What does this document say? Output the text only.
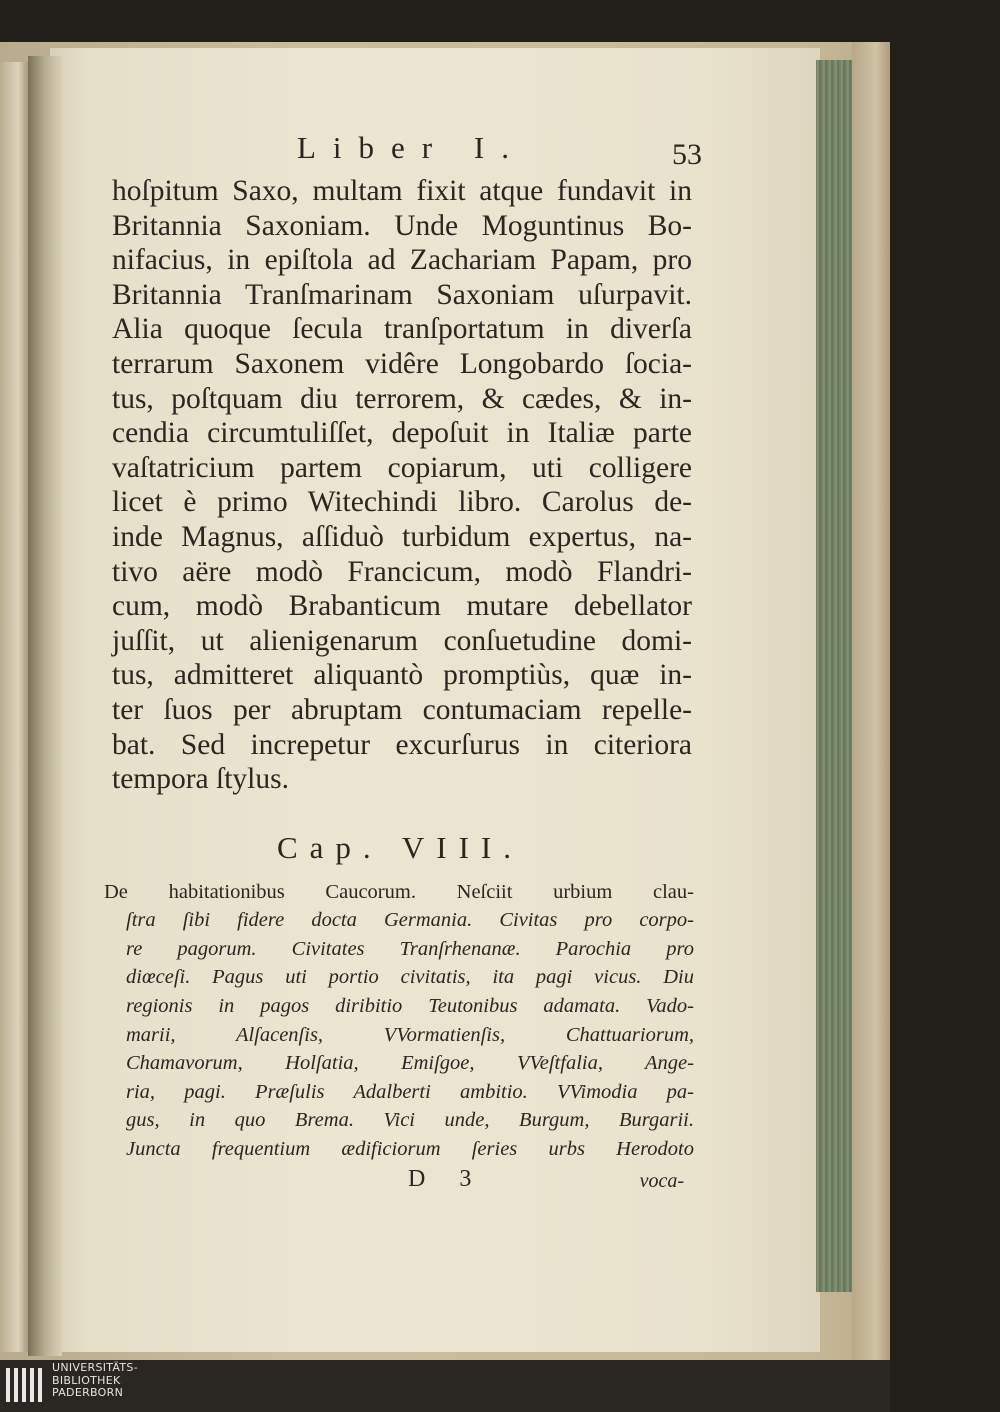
Liber I.	53
hoſpitum Saxo, multam fixit atque fundavit in
Britannia Saxoniam. Unde Moguntinus Bo-
nifacius, in epiſtola ad Zachariam Papam, pro
Britannia Tranſmarinam Saxoniam uſurpavit.
Alia quoque ſecula tranſportatum in diverſa
terrarum Saxonem vidêre Longobardo ſocia-
tus, poſtquam diu terrorem, & cædes, & in-
cendia circumtuliſſet, depoſuit in Italiæ parte
vaſtatricium partem copiarum, uti colligere
licet è primo Witechindi libro. Carolus de-
inde Magnus, aſſiduò turbidum expertus, na-
tivo aëre modò Francicum, modò Flandri-
cum, modò Brabanticum mutare debellator
juſſit, ut alienigenarum conſuetudine domi-
tus, admitteret aliquantò promptiùs, quæ in-
ter ſuos per abruptam contumaciam repelle-
bat. Sed increpetur excurſurus in citeriora
tempora ſtylus.
Cap. VIII.
De habitationibus Caucorum. Neſciit urbium clau-
ſtra ſibi fidere docta Germania. Civitas pro corpo-
re pagorum. Civitates Tranſrhenanæ. Parochia pro
diœceſi. Pagus uti portio civitatis, ita pagi vicus. Diu
regionis in pagos diribitio Teutonibus adamata. Vado-
marii, Alſacenſis, VVormatienſis, Chattuariorum,
Chamavorum, Holſatia, Emiſgoe, VVeſtfalia, Ange-
ria, pagi. Præſulis Adalberti ambitio. VVimodia pa-
gus, in quo Brema. Vici unde, Burgum, Burgarii.
Juncta frequentium ædificiorum ſeries urbs Herodoto
D 3	voca-
UNIVERSITÄTS-
BIBLIOTHEK
PADERBORN
